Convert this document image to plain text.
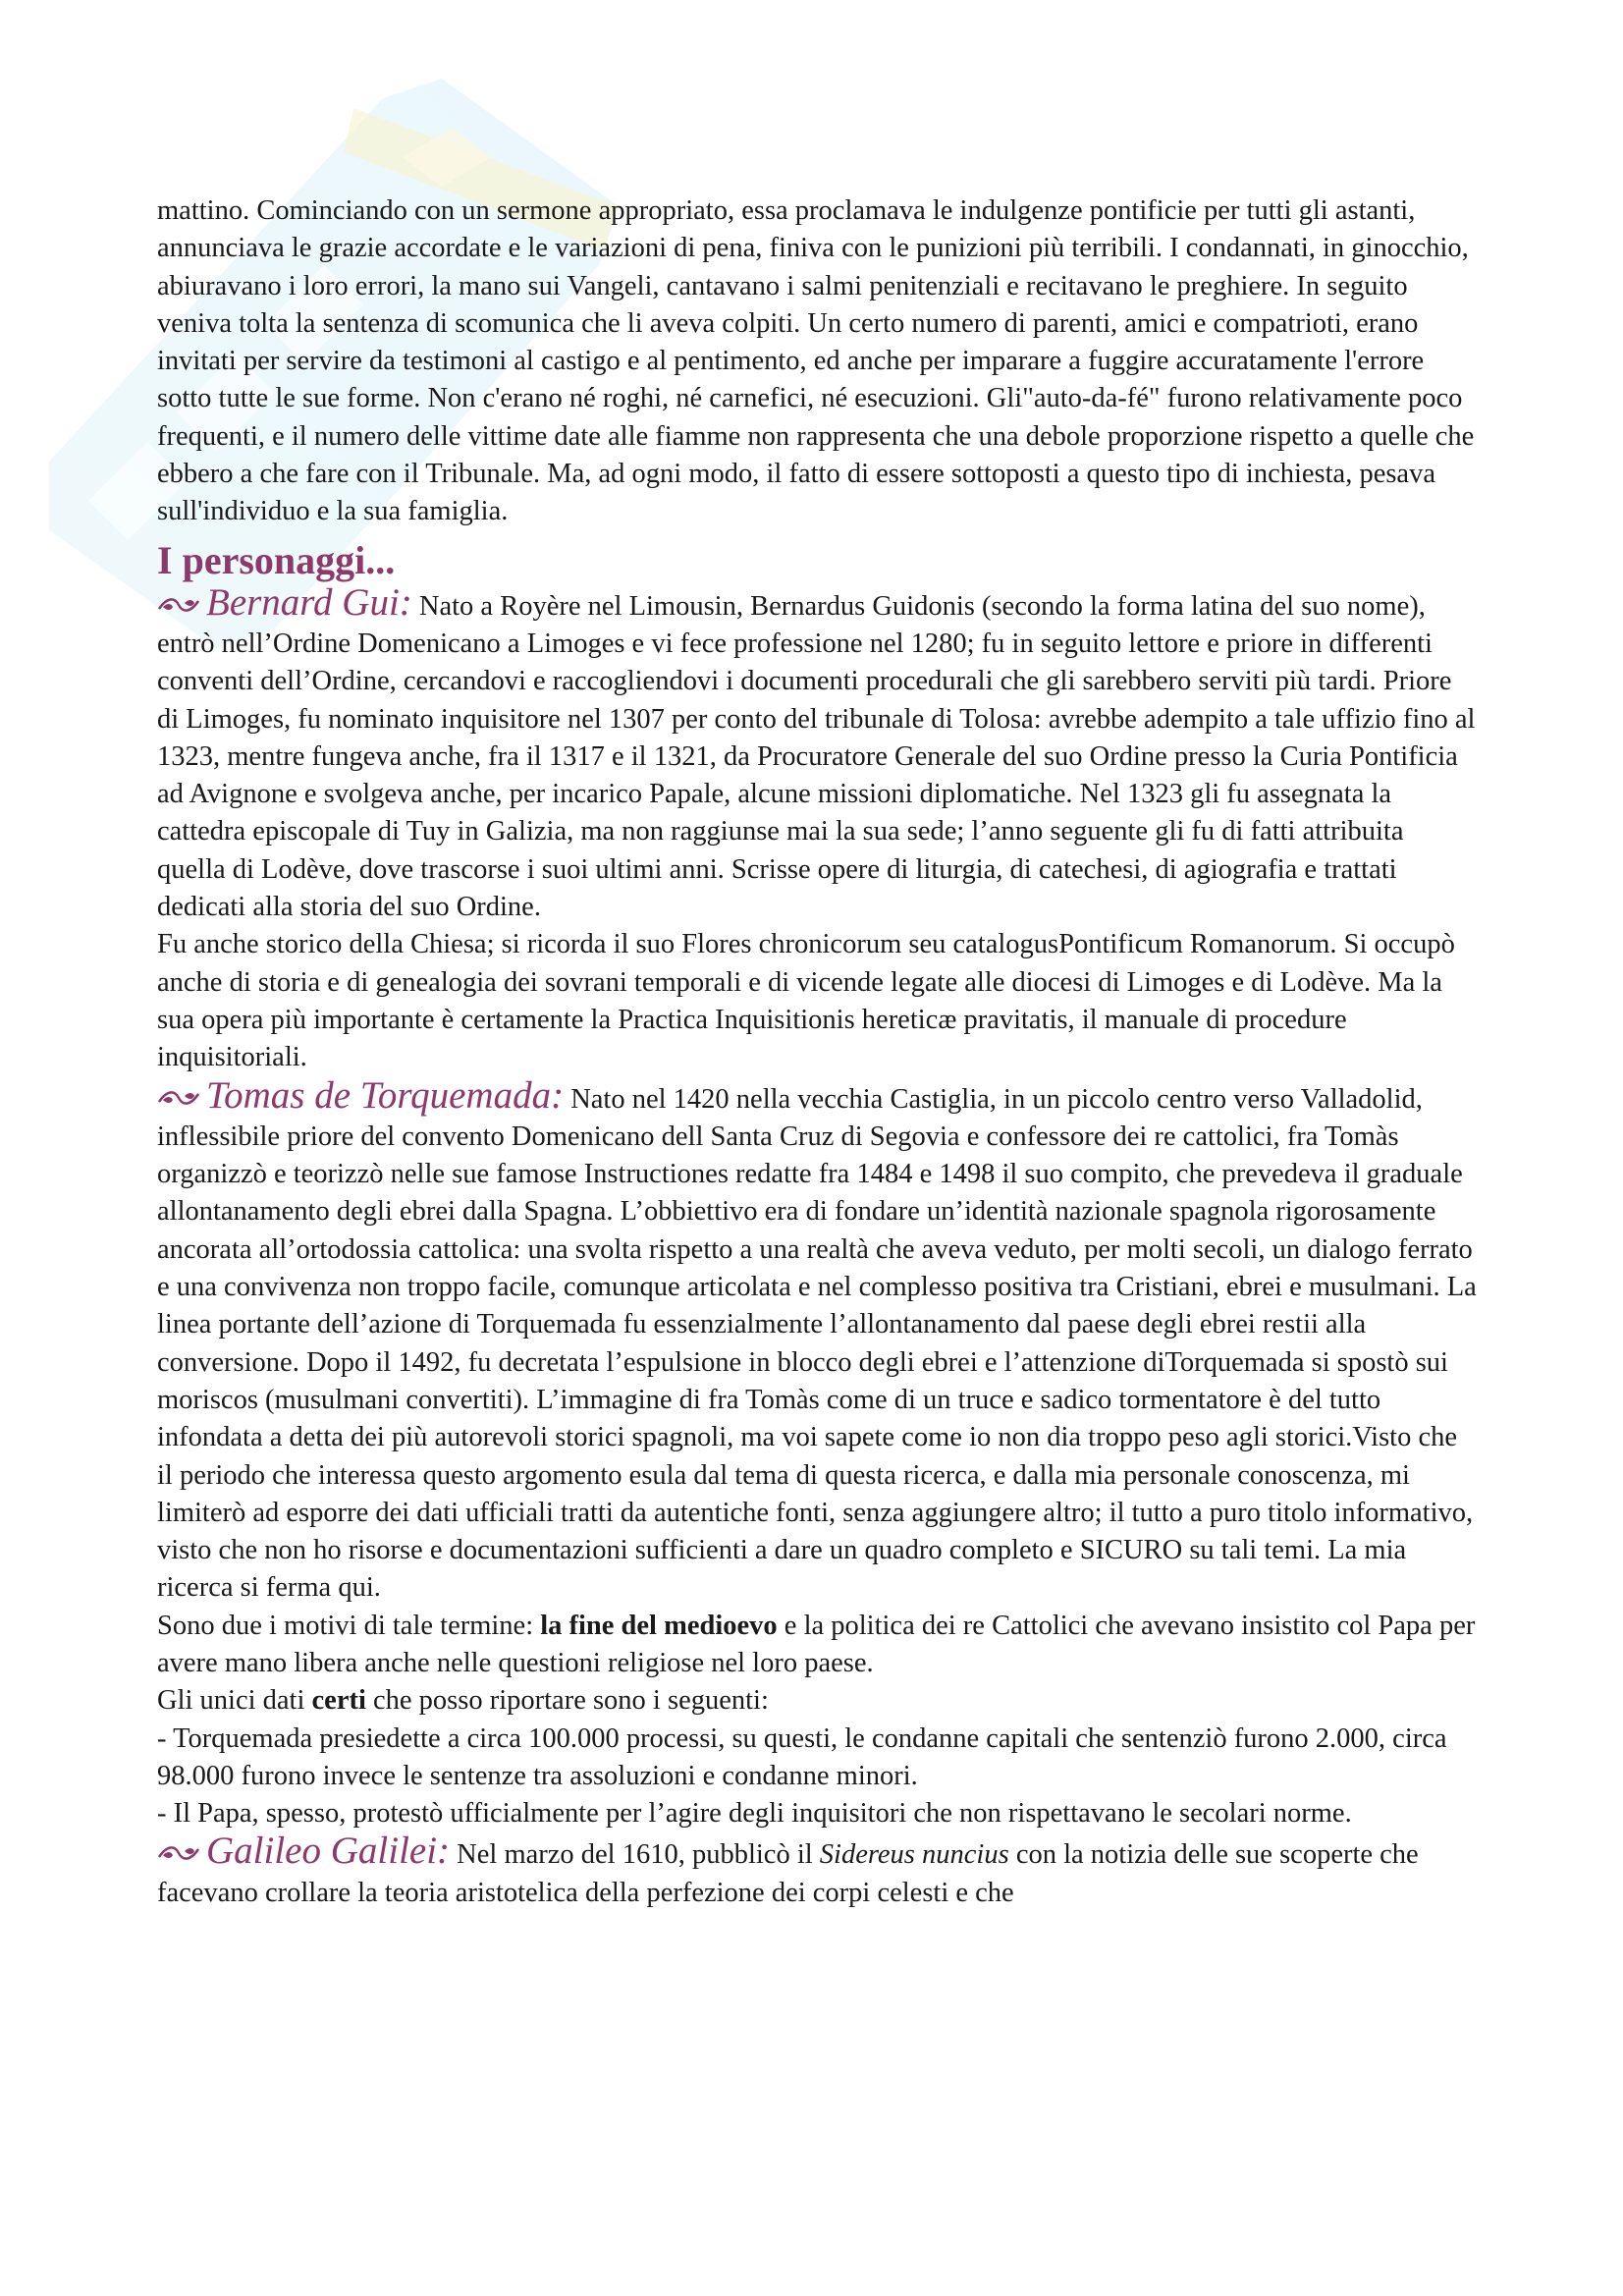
mattino. Cominciando con un sermone appropriato, essa proclamava le indulgenze pontificie per tutti gli astanti, annunciava le grazie accordate e le variazioni di pena, finiva con le punizioni più terribili. I condannati, in ginocchio, abiuravano i loro errori, la mano sui Vangeli, cantavano i salmi penitenziali e recitavano le preghiere. In seguito veniva tolta la sentenza di scomunica che li aveva colpiti. Un certo numero di parenti, amici e compatrioti, erano invitati per servire da testimoni al castigo e al pentimento, ed anche per imparare a fuggire accuratamente l'errore sotto tutte le sue forme. Non c'erano né roghi, né carnefici, né esecuzioni. Gli"auto-da-fé" furono relativamente poco frequenti, e il numero delle vittime date alle fiamme non rappresenta che una debole proporzione rispetto a quelle che ebbero a che fare con il Tribunale. Ma, ad ogni modo, il fatto di essere sottoposti a questo tipo di inchiesta, pesava sull'individuo e la sua famiglia.

I personaggi...

Bernard Gui: Nato a Royère nel Limousin, Bernardus Guidonis (secondo la forma latina del suo nome), entrò nell’Ordine Domenicano a Limoges e vi fece professione nel 1280; fu in seguito lettore e priore in differenti conventi dell’Ordine, cercandovi e raccogliendovi i documenti procedurali che gli sarebbero serviti più tardi. Priore di Limoges, fu nominato inquisitore nel 1307 per conto del tribunale di Tolosa: avrebbe adempito a tale uffizio fino al 1323, mentre fungeva anche, fra il 1317 e il 1321, da Procuratore Generale del suo Ordine presso la Curia Pontificia ad Avignone e svolgeva anche, per incarico Papale, alcune missioni diplomatiche. Nel 1323 gli fu assegnata la cattedra episcopale di Tuy in Galizia, ma non raggiunse mai la sua sede; l’anno seguente gli fu di fatti attribuita quella di Lodève, dove trascorse i suoi ultimi anni. Scrisse opere di liturgia, di catechesi, di agiografia e trattati dedicati alla storia del suo Ordine.

Fu anche storico della Chiesa; si ricorda il suo Flores chronicorum seu catalogusPontificum Romanorum. Si occupò anche di storia e di genealogia dei sovrani temporali e di vicende legate alle diocesi di Limoges e di Lodève. Ma la sua opera più importante è certamente la Practica Inquisitionis hereticæ pravitatis, il manuale di procedure inquisitoriali.

Tomas de Torquemada: Nato nel 1420 nella vecchia Castiglia, in un piccolo centro verso Valladolid, inflessibile priore del convento Domenicano dell Santa Cruz di Segovia e confessore dei re cattolici, fra Tomàs organizzò e teorizzò nelle sue famose Instructiones redatte fra 1484 e 1498 il suo compito, che prevedeva il graduale allontanamento degli ebrei dalla Spagna. L’obbiettivo era di fondare un’identità nazionale spagnola rigorosamente ancorata all’ortodossia cattolica: una svolta rispetto a una realtà che aveva veduto, per molti secoli, un dialogo ferrato e una convivenza non troppo facile, comunque articolata e nel complesso positiva tra Cristiani, ebrei e musulmani. La linea portante dell’azione di Torquemada fu essenzialmente l’allontanamento dal paese degli ebrei restii alla conversione. Dopo il 1492, fu decretata l’espulsione in blocco degli ebrei e l’attenzione diTorquemada si spostò sui moriscos (musulmani convertiti). L’immagine di fra Tomàs come di un truce e sadico tormentatore è del tutto infondata a detta dei più autorevoli storici spagnoli, ma voi sapete come io non dia troppo peso agli storici.Visto che il periodo che interessa questo argomento esula dal tema di questa ricerca, e dalla mia personale conoscenza, mi limiterò ad esporre dei dati ufficiali tratti da autentiche fonti, senza aggiungere altro; il tutto a puro titolo informativo, visto che non ho risorse e documentazioni sufficienti a dare un quadro completo e SICURO su tali temi. La mia ricerca si ferma qui.

Sono due i motivi di tale termine: la fine del medioevo e la politica dei re Cattolici che avevano insistito col Papa per avere mano libera anche nelle questioni religiose nel loro paese.

Gli unici dati certi che posso riportare sono i seguenti:

- Torquemada presiedette a circa 100.000 processi, su questi, le condanne capitali che sentenziò furono 2.000, circa 98.000 furono invece le sentenze tra assoluzioni e condanne minori.

- Il Papa, spesso, protestò ufficialmente per l’agire degli inquisitori che non rispettavano le secolari norme.

Galileo Galilei: Nel marzo del 1610, pubblicò il Sidereus nuncius con la notizia delle sue scoperte che facevano crollare la teoria aristotelica della perfezione dei corpi celesti e che
